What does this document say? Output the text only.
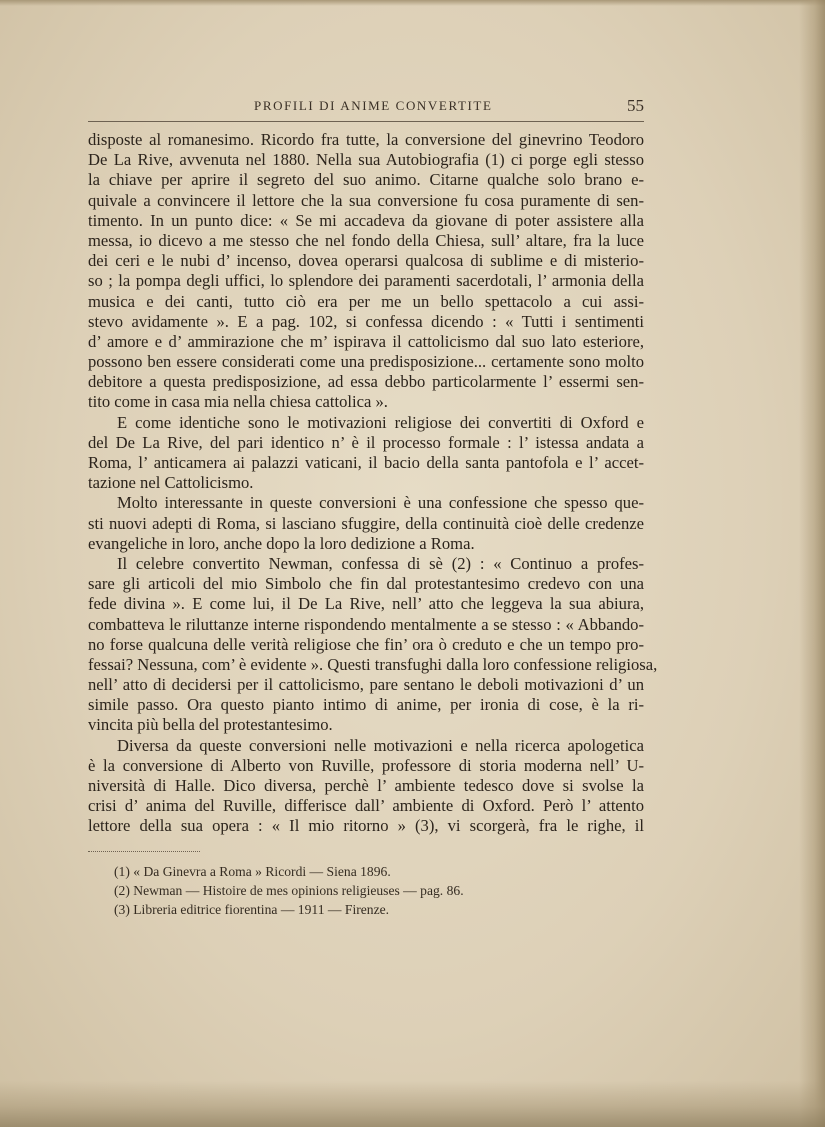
PROFILI DI ANIME CONVERTITE	55
disposte al romanesimo. Ricordo fra tutte, la conversione del ginevrino Teodoro
De La Rive, avvenuta nel 1880. Nella sua Autobiografia (1) ci porge egli stesso
la chiave per aprire il segreto del suo animo. Citarne qualche solo brano e-
quivale a convincere il lettore che la sua conversione fu cosa puramente di sen-
timento. In un punto dice: « Se mi accadeva da giovane di poter assistere alla
messa, io dicevo a me stesso che nel fondo della Chiesa, sull’ altare, fra la luce
dei ceri e le nubi d’ incenso, dovea operarsi qualcosa di sublime e di misterio-
so ; la pompa degli uffici, lo splendore dei paramenti sacerdotali, l’ armonia della
musica e dei canti, tutto ciò era per me un bello spettacolo a cui assi-
stevo avidamente ». E a pag. 102, si confessa dicendo : « Tutti i sentimenti
d’ amore e d’ ammirazione che m’ ispirava il cattolicismo dal suo lato esteriore,
possono ben essere considerati come una predisposizione... certamente sono molto
debitore a questa predisposizione, ad essa debbo particolarmente l’ essermi sen-
tito come in casa mia nella chiesa cattolica ».
E come identiche sono le motivazioni religiose dei convertiti di Oxford e
del De La Rive, del pari identico n’ è il processo formale : l’ istessa andata a
Roma, l’ anticamera ai palazzi vaticani, il bacio della santa pantofola e l’ accet-
tazione nel Cattolicismo.
Molto interessante in queste conversioni è una confessione che spesso que-
sti nuovi adepti di Roma, si lasciano sfuggire, della continuità cioè delle credenze
evangeliche in loro, anche dopo la loro dedizione a Roma.
Il celebre convertito Newman, confessa di sè (2) : « Continuo a profes-
sare gli articoli del mio Simbolo che fin dal protestantesimo credevo con una
fede divina ». E come lui, il De La Rive, nell’ atto che leggeva la sua abiura,
combatteva le riluttanze interne rispondendo mentalmente a se stesso : « Abbando-
no forse qualcuna delle verità religiose che fin’ ora ò creduto e che un tempo pro-
fessai? Nessuna, com’ è evidente ». Questi transfughi dalla loro confessione religiosa,
nell’ atto di decidersi per il cattolicismo, pare sentano le deboli motivazioni d’ un
simile passo. Ora questo pianto intimo di anime, per ironia di cose, è la ri-
vincita più bella del protestantesimo.
Diversa da queste conversioni nelle motivazioni e nella ricerca apologetica
è la conversione di Alberto von Ruville, professore di storia moderna nell’ U-
niversità di Halle. Dico diversa, perchè l’ ambiente tedesco dove si svolse la
crisi d’ anima del Ruville, differisce dall’ ambiente di Oxford. Però l’ attento
lettore della sua opera : « Il mio ritorno » (3), vi scorgerà, fra le righe, il
(1) « Da Ginevra a Roma » Ricordi — Siena 1896.
(2) Newman — Histoire de mes opinions religieuses — pag. 86.
(3) Libreria editrice fiorentina — 1911 — Firenze.
